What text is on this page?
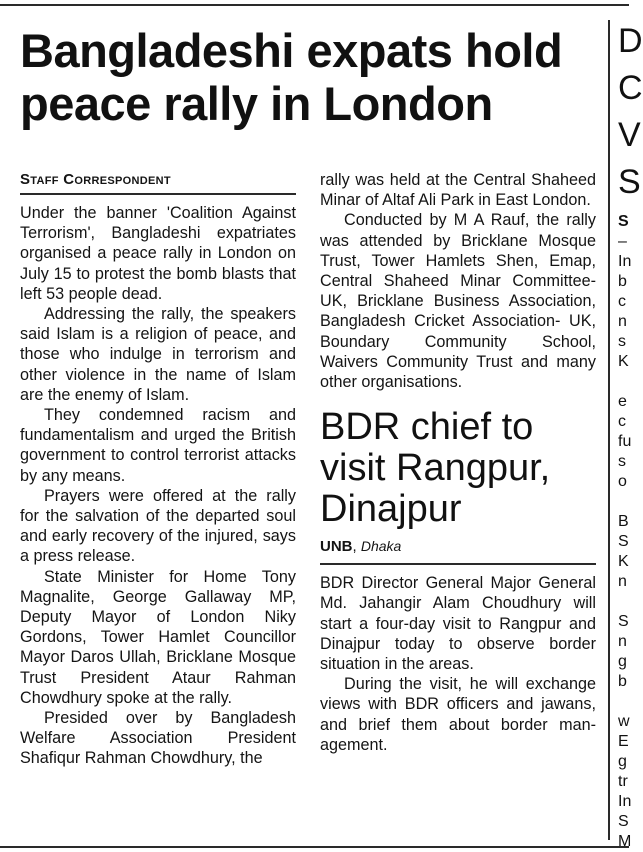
Bangladeshi expats hold peace rally in London
Staff Correspondent

Under the banner 'Coalition Against Terrorism', Bangladeshi expatriates organised a peace rally in London on July 15 to protest the bomb blasts that left 53 people dead.

Addressing the rally, the speakers said Islam is a religion of peace, and those who indulge in terrorism and other violence in the name of Islam are the enemy of Islam.

They condemned racism and fundamentalism and urged the British government to control terrorist attacks by any means.

Prayers were offered at the rally for the salvation of the departed soul and early recovery of the injured, says a press release.

State Minister for Home Tony Magnalite, George Gallaway MP, Deputy Mayor of London Niky Gordons, Tower Hamlet Councillor Mayor Daros Ullah, Bricklane Mosque Trust President Ataur Rahman Chowdhury spoke at the rally.

Presided over by Bangladesh Welfare Association President Shafiqur Rahman Chowdhury, the

rally was held at the Central Shaheed Minar of Altaf Ali Park in East London.

Conducted by M A Rauf, the rally was attended by Bricklane Mosque Trust, Tower Hamlets Shen, Emap, Central Shaheed Minar Committee- UK, Bricklane Business Association, Bangladesh Cricket Association- UK, Boundary Community School, Waivers Community Trust and many other organisations.

BDR chief to visit Rangpur, Dinajpur
UNB, Dhaka

BDR Director General Major General Md. Jahangir Alam Choudhury will start a four-day visit to Rangpur and Dinajpur today to observe border situation in the areas.

During the visit, he will exchange views with BDR officers and jawans, and brief them about border management.

D
C
V
S
S
–
In
b
c
n
s
K

e
c
fu
s
o

B
S
K
n

S
n
g
b

w
E
g
tr
In
S
M
